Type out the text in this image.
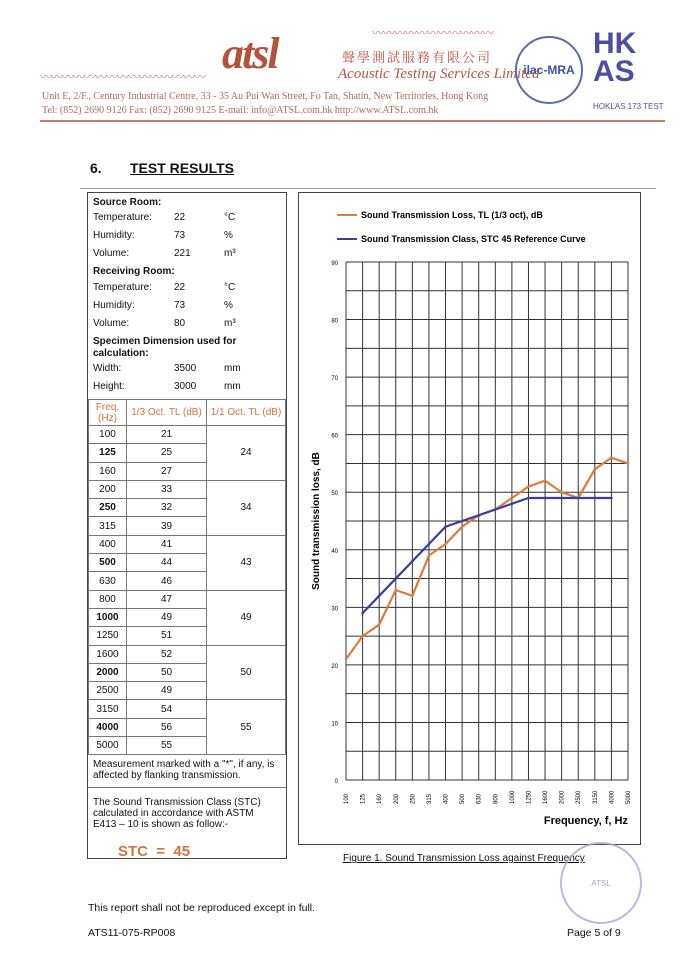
atsl	聲學測試服務有限公司
〰〰〰〰〰〰〰〰〰〰〰〰〰〰〰
〰〰〰〰〰〰〰〰〰〰〰
Acoustic Testing Services Limited
Unit E, 2/F., Century Industrial Centre, 33 - 35 Au Pui Wan Street, Fo Tan, Shatin, New Territories, Hong Kong
Tel: (852) 2690 9126 Fax: (852) 2690 9125 E-mail: info@ATSL.com.hk http://www.ATSL.com.hk
ilac-MRA
HK
AS
HOKLAS 173 TEST
6. TEST RESULTS
Source Room:
Receiving Room:
Specimen Dimension used for calculation:
Freq. (Hz)	1/3 Oct. TL (dB)	1/1 Oct. TL (dB)
100	21	24
125	25	
160	27	
200	33	34
250	32	
315	39	
400	41	43
500	44	
630	46	
800	47	49
1000	49	
1250	51	
1600	52	50
2000	50	
2500	49	
3150	54	55
4000	56	
5000	55	
Measurement marked with a "*", if any, is affected by flanking transmission.
The Sound Transmission Class (STC) calculated in accordance with ASTM E413 – 10 is shown as follow:-
STC  =  45
Temperature: 22	°C
Humidity:	73	%
Volume:	221	m³
Temperature: 22	°C
Humidity:	73	%
Volume:	80	m³
Width:	3500	mm
Height:	3000	mm
0
10
20
30
40
50
60
70
80
90
100 125 160 200 250 315 400 500 630 800 1000 1250 1600 2000 2500 3150 4000 5000
Sound transmission loss, dB
Frequency, f, Hz
Sound Transmission Loss, TL (1/3 oct), dB
Sound Transmission Class, STC 45 Reference Curve
Figure 1. Sound Transmission Loss against Frequency
ATSL
This report shall not be reproduced except in full.
ATS11-075-RP008	Page 5 of 9
